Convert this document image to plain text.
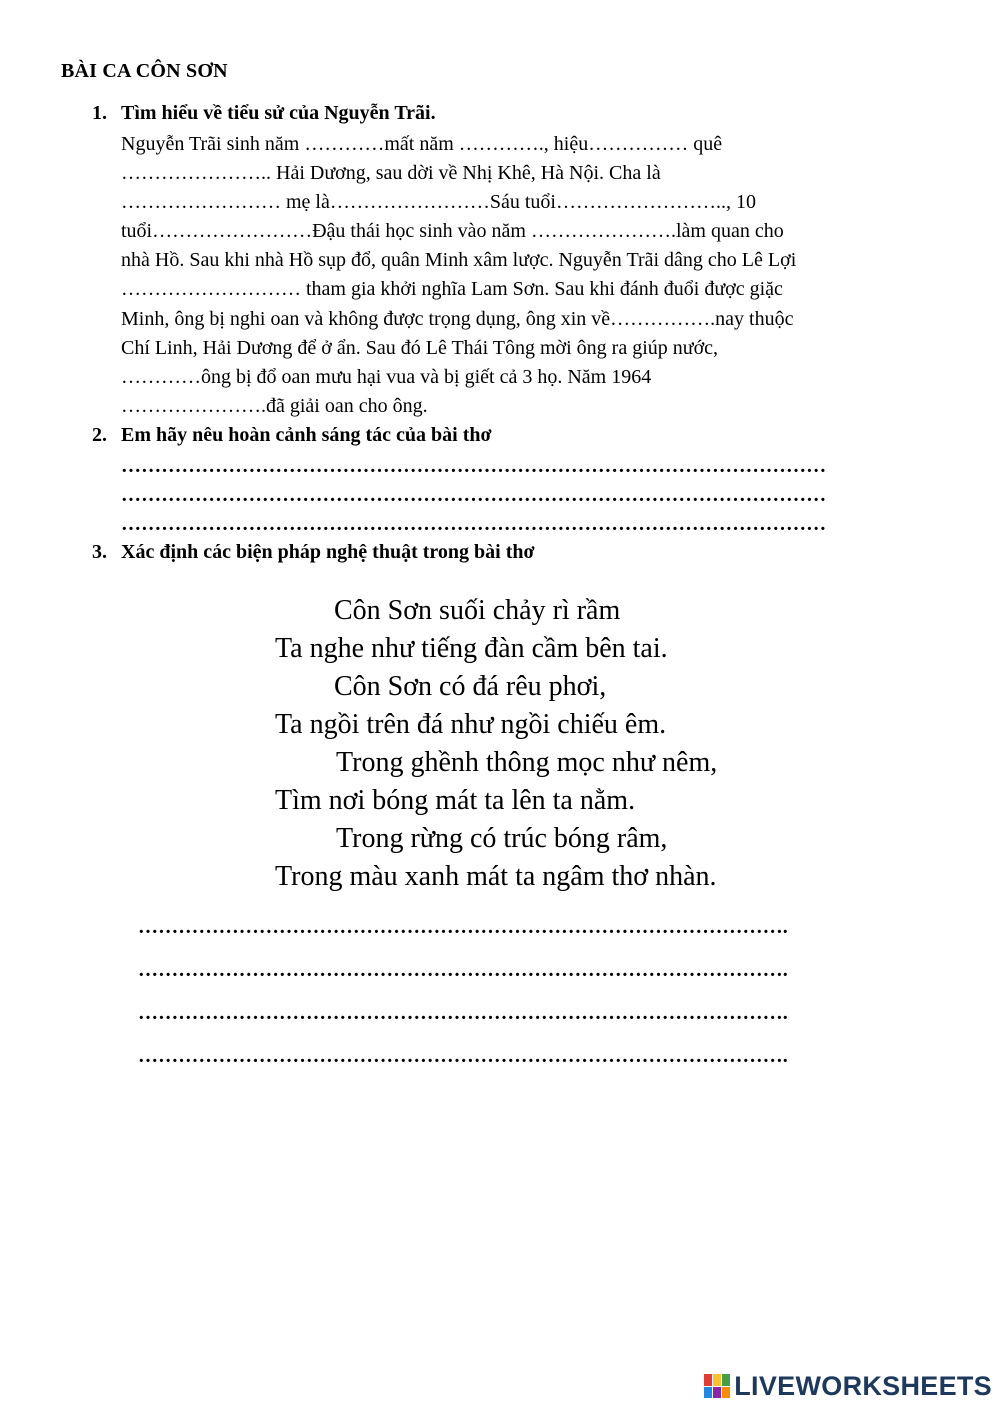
BÀI CA CÔN SƠN
1. Tìm hiểu về tiểu sử của Nguyễn Trãi.
Nguyễn Trãi sinh năm …………mất năm …………., hiệu…………… quê
………………….. Hải Dương, sau dời về Nhị Khê, Hà Nội. Cha là
…………………… mẹ là……………………Sáu tuổi…………………….., 10
tuổi……………………Đậu thái học sinh vào năm ………………….làm quan cho
nhà Hồ. Sau khi nhà Hồ sụp đổ, quân Minh xâm lược. Nguyễn Trãi dâng cho Lê Lợi
……………………… tham gia khởi nghĩa Lam Sơn. Sau khi đánh đuổi được giặc
Minh, ông bị nghi oan và không được trọng dụng, ông xin về…………….nay thuộc
Chí Linh, Hải Dương để ở ẩn. Sau đó Lê Thái Tông mời ông ra giúp nước,
…………ông bị đổ oan mưu hại vua và bị giết cả 3 họ. Năm 1964
………………….đã giải oan cho ông.
2. Em hãy nêu hoàn cảnh sáng tác của bài thơ
……………………………………………………………………………………………
……………………………………………………………………………………………
……………………………………………………………………………………………
3. Xác định các biện pháp nghệ thuật trong bài thơ
Côn Sơn suối chảy rì rầm
Ta nghe như tiếng đàn cầm bên tai.
Côn Sơn có đá rêu phơi,
Ta ngồi trên đá như ngồi chiếu êm.
Trong ghềnh thông mọc như nêm,
Tìm nơi bóng mát ta lên ta nằm.
Trong rừng có trúc bóng râm,
Trong màu xanh mát ta ngâm thơ nhàn.
…………………………………………………………………………………….
…………………………………………………………………………………….
…………………………………………………………………………………….
…………………………………………………………………………………….
LIVEWORKSHEETS
